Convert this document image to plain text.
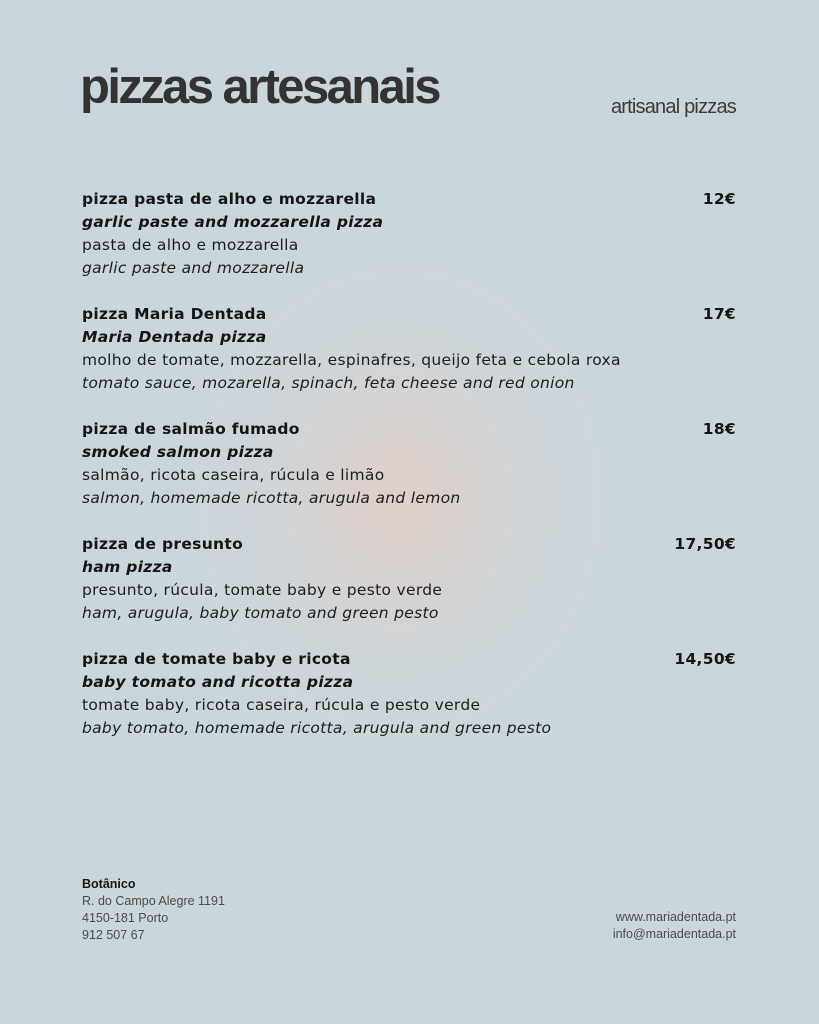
pizzas artesanais	artisanal pizzas
pizza pasta de alho e mozzarella
garlic paste and mozzarella pizza
pasta de alho e mozzarella
garlic paste and mozzarella
12€
pizza Maria Dentada
Maria Dentada pizza
molho de tomate, mozzarella, espinafres, queijo feta e cebola roxa
tomato sauce, mozarella, spinach, feta cheese and red onion
17€
pizza de salmão fumado
smoked salmon pizza
salmão, ricota caseira, rúcula e limão
salmon, homemade ricotta, arugula and lemon
18€
pizza de presunto
ham pizza
presunto, rúcula, tomate baby e pesto verde
ham, arugula, baby tomato and green pesto
17,50€
pizza de tomate baby e ricota
baby tomato and ricotta pizza
tomate baby, ricota caseira, rúcula e pesto verde
baby tomato, homemade ricotta, arugula and green pesto
14,50€
Botânico
R. do Campo Alegre 1191
4150-181 Porto
912 507 67
www.mariadentada.pt
info@mariadentada.pt
